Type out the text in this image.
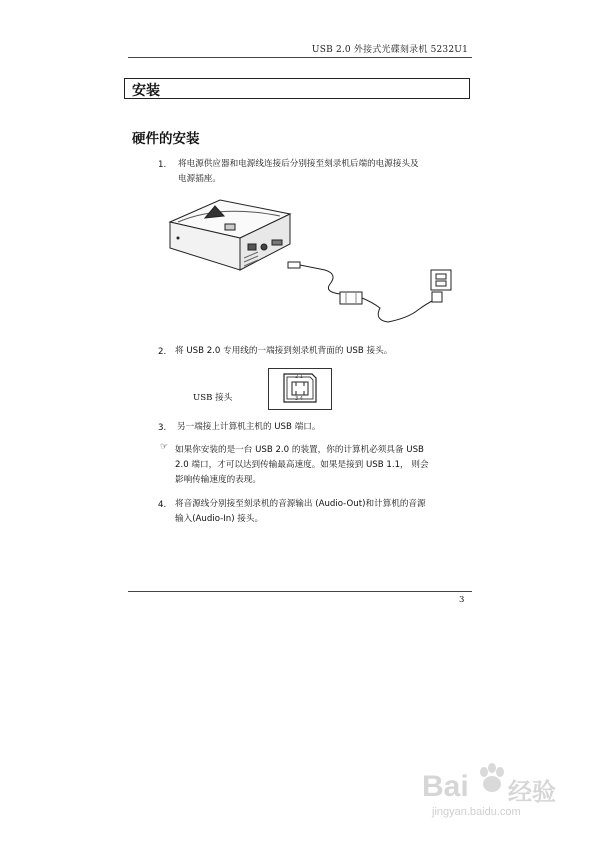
USB 2.0 外接式光碟刻录机 5232U1
安装
硬件的安装
1. 将电源供应器和电源线连接后分别接至刻录机后端的电源接头及
电源插座。
2. 将 USB 2.0 专用线的一端接到刻录机背面的 USB 接头。
USB 接头
2 1
3 4
3. 另一端接上计算机主机的 USB 端口。
☞ 如果你安装的是一台 USB 2.0 的装置，你的计算机必须具备 USB
2.0 端口，才可以达到传输最高速度。如果是接到 USB 1.1， 则会
影响传输速度的表现。
4. 将音源线分别接至刻录机的音源输出 (Audio-Out)和计算机的音源
输入(Audio-In) 接头。
3
Bai 经验
jingyan.baidu.com
